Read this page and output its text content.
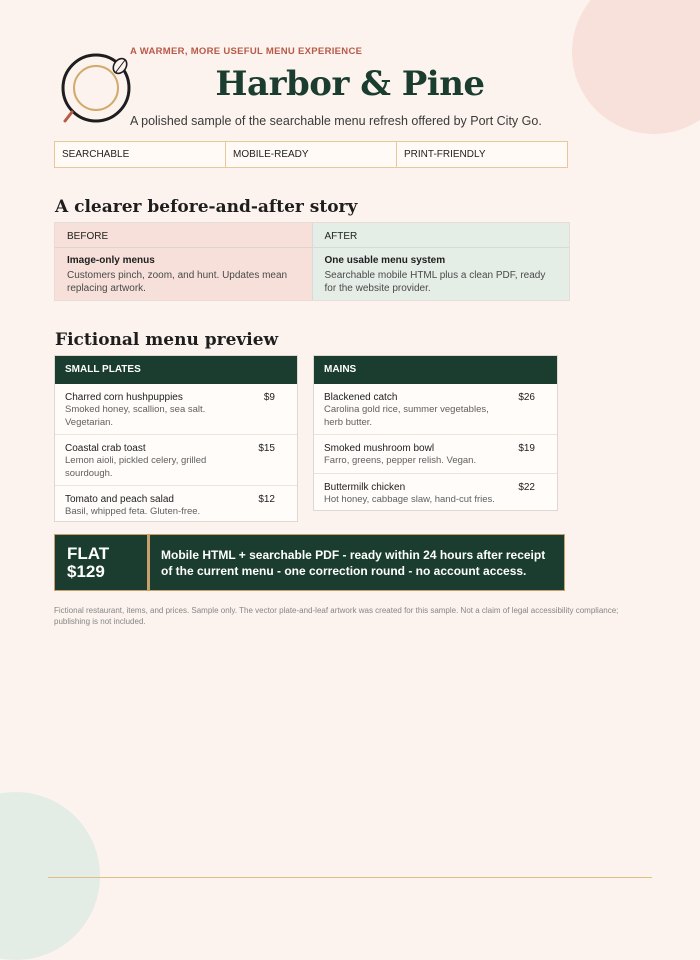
A WARMER, MORE USEFUL MENU EXPERIENCE
Harbor & Pine
A polished sample of the searchable menu refresh offered by Port City Go.
SEARCHABLE	MOBILE-READY	PRINT-FRIENDLY
A clearer before-and-after story
BEFORE
Image-only menus
Customers pinch, zoom, and hunt. Updates mean replacing artwork.
AFTER
One usable menu system
Searchable mobile HTML plus a clean PDF, ready for the website provider.
Fictional menu preview
SMALL PLATES
Charred corn hushpuppies	$9
Smoked honey, scallion, sea salt. Vegetarian.
Coastal crab toast	$15
Lemon aioli, pickled celery, grilled sourdough.
Tomato and peach salad	$12
Basil, whipped feta. Gluten-free.
MAINS
Blackened catch	$26
Carolina gold rice, summer vegetables, herb butter.
Smoked mushroom bowl	$19
Farro, greens, pepper relish. Vegan.
Buttermilk chicken	$22
Hot honey, cabbage slaw, hand-cut fries.
FLAT
$129
Mobile HTML + searchable PDF - ready within 24 hours after receipt of the current menu - one correction round - no account access.
Fictional restaurant, items, and prices. Sample only. The vector plate-and-leaf artwork was created for this sample. Not a claim of legal accessibility compliance; publishing is not included.
